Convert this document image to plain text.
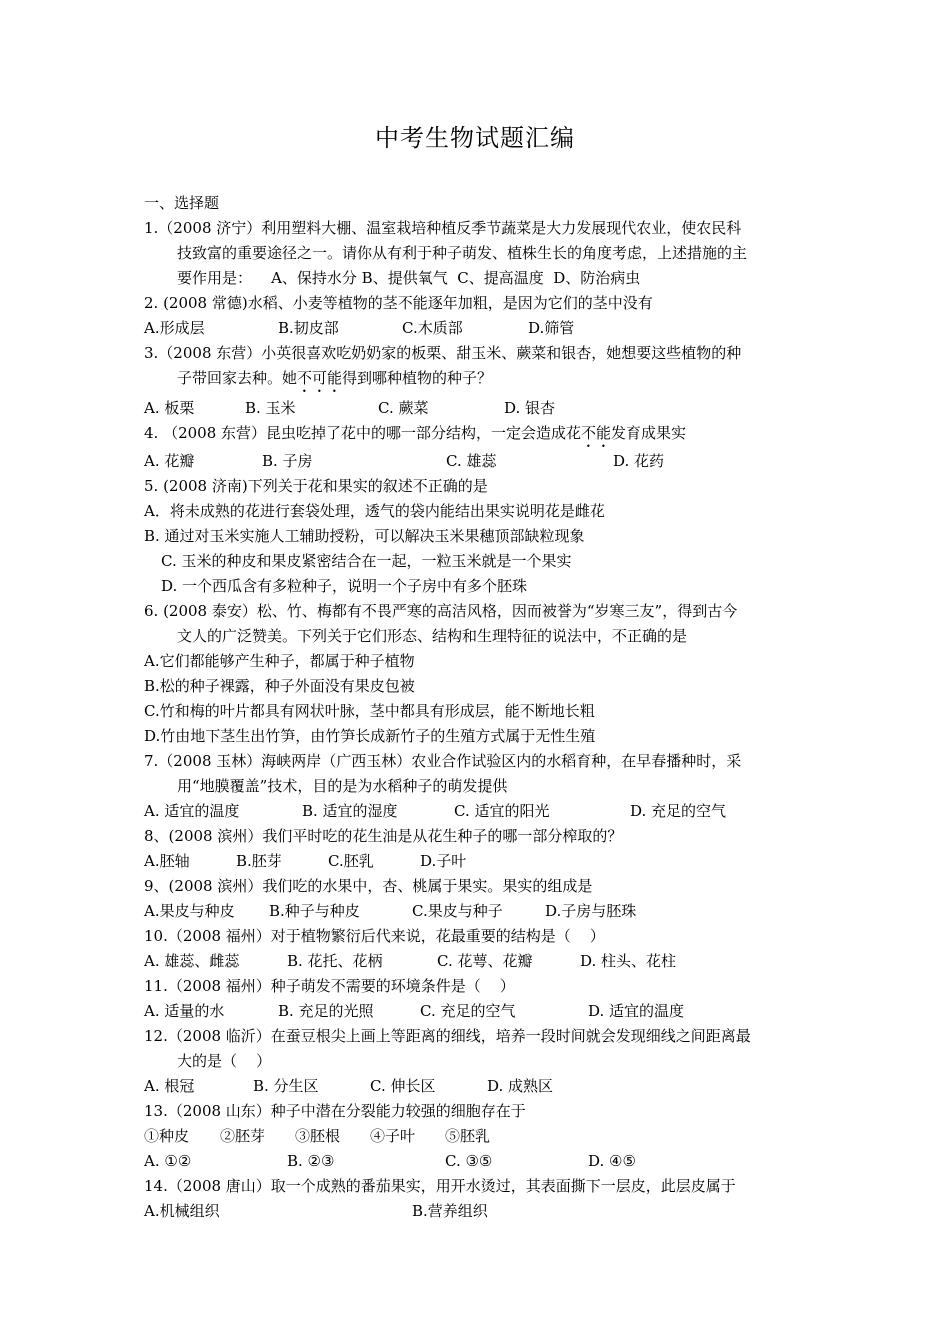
中考生物试题汇编
一、选择题
1.（2008 济宁）利用塑料大棚、温室栽培种植反季节蔬菜是大力发展现代农业，使农民科
技致富的重要途径之一。请你从有利于种子萌发、植株生长的角度考虑，上述措施的主
要作用是：    A、保持水分 B、提供氧气  C、提高温度  D、防治病虫
2. (2008 常德)水稻、小麦等植物的茎不能逐年加粗，是因为它们的茎中没有
A.形成层	B.韧皮部	C.木质部	D.筛管
3.（2008 东营）小英很喜欢吃奶奶家的板栗、甜玉米、蕨菜和银杏，她想要这些植物的种
子带回家去种。她不可能得到哪种植物的种子？
A. 板栗	B. 玉米	C. 蕨菜	D. 银杏
4. （2008 东营）昆虫吃掉了花中的哪一部分结构，一定会造成花不能发育成果实
A. 花瓣	B. 子房	C. 雄蕊	D. 花药
5. (2008 济南)下列关于花和果实的叙述不正确的是
A．将未成熟的花进行套袋处理，透气的袋内能结出果实说明花是雌花
B. 通过对玉米实施人工辅助授粉，可以解决玉米果穗顶部缺粒现象
C. 玉米的种皮和果皮紧密结合在一起，一粒玉米就是一个果实
D. 一个西瓜含有多粒种子，说明一个子房中有多个胚珠
6. (2008 泰安）松、竹、梅都有不畏严寒的高洁风格，因而被誉为“岁寒三友”，得到古今
文人的广泛赞美。下列关于它们形态、结构和生理特征的说法中，不正确的是
A.它们都能够产生种子，都属于种子植物
B.松的种子裸露，种子外面没有果皮包被
C.竹和梅的叶片都具有网状叶脉，茎中都具有形成层，能不断地长粗
D.竹由地下茎生出竹笋，由竹笋长成新竹子的生殖方式属于无性生殖
7.（2008 玉林）海峡两岸（广西玉林）农业合作试验区内的水稻育种，在早春播种时，采
用“地膜覆盖”技术，目的是为水稻种子的萌发提供
A. 适宜的温度	B. 适宜的湿度	C. 适宜的阳光	D. 充足的空气
8、(2008 滨州）我们平时吃的花生油是从花生种子的哪一部分榨取的？
A.胚轴	B.胚芽	C.胚乳	D.子叶
9、(2008 滨州）我们吃的水果中，杏、桃属于果实。果实的组成是
A.果皮与种皮 B.种子与种皮	C.果皮与种子	D.子房与胚珠
10.（2008 福州）对于植物繁衍后代来说，花最重要的结构是（    ）
A. 雄蕊、雌蕊	B. 花托、花柄	C. 花萼、花瓣	D. 柱头、花柱
11.（2008 福州）种子萌发不需要的环境条件是（    ）
A. 适量的水	B. 充足的光照	C. 充足的空气	D. 适宜的温度
12.（2008 临沂）在蚕豆根尖上画上等距离的细线，培养一段时间就会发现细线之间距离最
大的是（    ）
A. 根冠	B. 分生区	C. 伸长区	D. 成熟区
13.（2008 山东）种子中潜在分裂能力较强的细胞存在于
①种皮 ②胚芽 ③胚根 ④子叶 ⑤胚乳
A. ①②	B. ②③	C. ③⑤	D. ④⑤
14.（2008 唐山）取一个成熟的番茄果实，用开水烫过，其表面撕下一层皮，此层皮属于
A.机械组织	B.营养组织
